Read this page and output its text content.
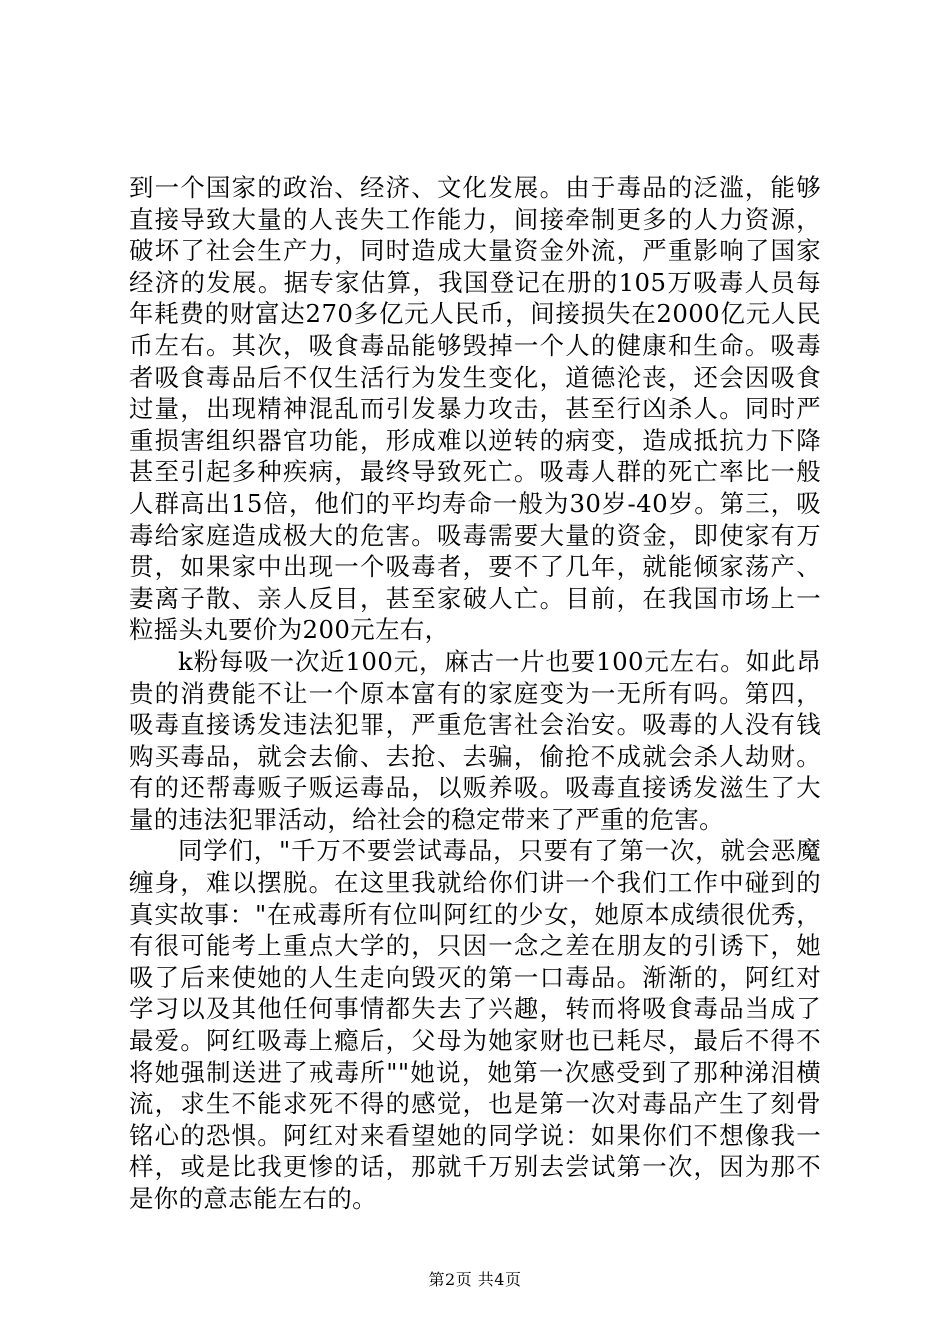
到一个国家的政治、经济、文化发展。由于毒品的泛滥，能够直接导致大量的人丧失工作能力，间接牵制更多的人力资源，破坏了社会生产力，同时造成大量资金外流，严重影响了国家经济的发展。据专家估算，我国登记在册的105万吸毒人员每年耗费的财富达270多亿元人民币，间接损失在2000亿元人民币左右。其次，吸食毒品能够毁掉一个人的健康和生命。吸毒者吸食毒品后不仅生活行为发生变化，道德沦丧，还会因吸食过量，出现精神混乱而引发暴力攻击，甚至行凶杀人。同时严重损害组织器官功能，形成难以逆转的病变，造成抵抗力下降甚至引起多种疾病，最终导致死亡。吸毒人群的死亡率比一般人群高出15倍，他们的平均寿命一般为30岁-40岁。第三，吸毒给家庭造成极大的危害。吸毒需要大量的资金，即使家有万贯，如果家中出现一个吸毒者，要不了几年，就能倾家荡产、妻离子散、亲人反目，甚至家破人亡。目前，在我国市场上一粒摇头丸要价为200元左右，

k粉每吸一次近100元，麻古一片也要100元左右。如此昂贵的消费能不让一个原本富有的家庭变为一无所有吗。第四，吸毒直接诱发违法犯罪，严重危害社会治安。吸毒的人没有钱购买毒品，就会去偷、去抢、去骗，偷抢不成就会杀人劫财。有的还帮毒贩子贩运毒品，以贩养吸。吸毒直接诱发滋生了大量的违法犯罪活动，给社会的稳定带来了严重的危害。

同学们，"千万不要尝试毒品，只要有了第一次，就会恶魔缠身，难以摆脱。在这里我就给你们讲一个我们工作中碰到的真实故事："在戒毒所有位叫阿红的少女，她原本成绩很优秀，有很可能考上重点大学的，只因一念之差在朋友的引诱下，她吸了后来使她的人生走向毁灭的第一口毒品。渐渐的，阿红对学习以及其他任何事情都失去了兴趣，转而将吸食毒品当成了最爱。阿红吸毒上瘾后，父母为她家财也已耗尽，最后不得不将她强制送进了戒毒所""她说，她第一次感受到了那种涕泪横流，求生不能求死不得的感觉，也是第一次对毒品产生了刻骨铭心的恐惧。阿红对来看望她的同学说：如果你们不想像我一样，或是比我更惨的话，那就千万别去尝试第一次，因为那不是你的意志能左右的。

第2页 共4页
